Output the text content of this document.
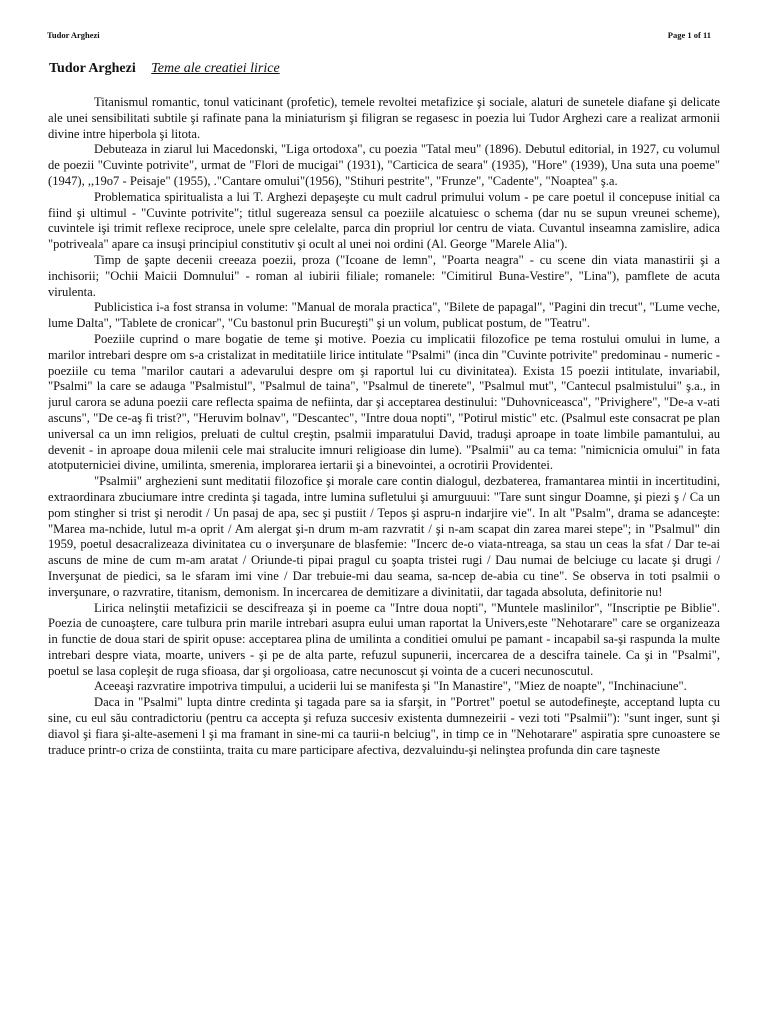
Tudor Arghezi	Page 1 of 11
Tudor Arghezi Teme ale creatiei lirice

Titanismul romantic, tonul vaticinant (profetic), temele revoltei metafizice şi sociale, alaturi de sunetele diafane şi delicate ale unei sensibilitati subtile şi rafinate pana la miniaturism şi filigran se regasesc in poezia lui Tudor Arghezi care a realizat armonii divine intre hiperbola şi litota.

Debuteaza in ziarul lui Macedonski, "Liga ortodoxa", cu poezia "Tatal meu" (1896). Debutul editorial, in 1927, cu volumul de poezii "Cuvinte potrivite", urmat de "Flori de mucigai" (1931), "Carticica de seara" (1935), "Hore" (1939), Una suta una poeme" (1947), ,,19o7 - Peisaje" (1955), ."Cantare omului"(1956), "Stihuri pestrite", "Frunze", "Cadente", "Noaptea" ş.a.

Problematica spiritualista a lui T. Arghezi depaşeşte cu mult cadrul primului volum - pe care poetul il concepuse initial ca fiind şi ultimul - "Cuvinte potrivite"; titlul sugereaza sensul ca poeziile alcatuiesc o schema (dar nu se supun vreunei scheme), cuvintele işi trimit reflexe reciproce, unele spre celelalte, parca din propriul lor centru de viata. Cuvantul inseamna zamislire, adica "potriveala" apare ca insuşi principiul constitutiv şi ocult al unei noi ordini (Al. George "Marele Alia").

Timp de şapte decenii creeaza poezii, proza ("Icoane de lemn", "Poarta neagra" - cu scene din viata manastirii şi a inchisorii; "Ochii Maicii Domnului" - roman al iubirii filiale; romanele: "Cimitirul Buna-Vestire", "Lina"), pamflete de acuta virulenta.

Publicistica i-a fost stransa in volume: "Manual de morala practica", "Bilete de papagal", "Pagini din trecut", "Lume veche, lume Dalta", "Tablete de cronicar", "Cu bastonul prin Bucureşti" şi un volum, publicat postum, de "Teatru".

Poeziile cuprind o mare bogatie de teme şi motive. Poezia cu implicatii filozofice pe tema rostului omului in lume, a marilor intrebari despre om s-a cristalizat in meditatiile lirice intitulate "Psalmi" (inca din "Cuvinte potrivite" predominau - numeric - poeziile cu tema "marilor cautari a adevarului despre om şi raportul lui cu divinitatea). Exista 15 poezii intitulate, invariabil, "Psalmi" la care se adauga "Psalmistul", "Psalmul de taina", "Psalmul de tinerete", "Psalmul mut", "Cantecul psalmistului" ş.a., in jurul carora se aduna poezii care reflecta spaima de nefiinta, dar şi acceptarea destinului: "Duhovniceasca", "Privighere", "De-a v-ati ascuns", "De ce-aş fi trist?", "Heruvim bolnav", "Descantec", "Intre doua nopti", "Potirul mistic" etc. (Psalmul este consacrat pe plan universal ca un imn religios, preluati de cultul creştin, psalmii imparatului David, traduşi aproape in toate limbile pamantului, au devenit - in aproape doua milenii cele mai stralucite imnuri religioase din lume). "Psalmii" au ca tema: "nimicnicia omului" in fata atotputerniciei divine, umilinta, smerenia, implorarea iertarii şi a binevointei, a ocrotirii Providentei.

"Psalmii" arghezieni sunt meditatii filozofice şi morale care contin dialogul, dezbaterea, framantarea mintii in incertitudini, extraordinara zbuciumare intre credinta şi tagada, intre lumina sufletului şi amurguuui: "Tare sunt singur Doamne, şi piezi ş / Ca un pom stingher si trist şi nerodit / Un pasaj de apa, sec şi pustiit / Tepos şi aspru-n indarjire vie". In alt "Psalm", drama se adanceşte: "Marea ma-nchide, lutul m-a oprit / Am alergat şi-n drum m-am razvratit / şi n-am scapat din zarea marei stepe"; in "Psalmul" din 1959, poetul desacralizeaza divinitatea cu o inverşunare de blasfemie: "Incerc de-o viata-ntreaga, sa stau un ceas la sfat / Dar te-ai ascuns de mine de cum m-am aratat / Oriunde-ti pipai pragul cu şoapta tristei rugi / Dau numai de belciuge cu lacate şi drugi / Inverşunat de piedici, sa le sfaram imi vine / Dar trebuie-mi dau seama, sa-ncep de-abia cu tine". Se observa in toti psalmii o inverşunare, o razvratire, titanism, demonism. In incercarea de demitizare a divinitatii, dar tagada absoluta, definitorie nu!

Lirica nelinştii metafizicii se descifreaza şi in poeme ca "Intre doua nopti", "Muntele maslinilor", "Inscriptie pe Biblie". Poezia de cunoaştere, care tulbura prin marile intrebari asupra eului uman raportat la Univers,este "Nehotarare" care se organizeaza in functie de doua stari de spirit opuse: acceptarea plina de umilinta a conditiei omului pe pamant - incapabil sa-şi raspunda la multe intrebari despre viata, moarte, univers - şi pe de alta parte, refuzul supunerii, incercarea de a descifra tainele. Ca şi in "Psalmi", poetul se lasa copleşit de ruga sfioasa, dar şi orgolioasa, catre necunoscut şi vointa de a cuceri necunoscutul.

Aceeaşi razvratire impotriva timpului, a uciderii lui se manifesta şi "In Manastire", "Miez de noapte", "Inchinaciune".

Daca in "Psalmi" lupta dintre credinta şi tagada pare sa ia sfarşit, in "Portret" poetul se autodefineşte, acceptand lupta cu sine, cu eul său contradictoriu (pentru ca accepta şi refuza succesiv existenta dumnezeirii - vezi toti "Psalmii"): "sunt inger, sunt şi diavol şi fiara şi-alte-asemeni l şi ma framant in sine-mi ca taurii-n belciug", in timp ce in "Nehotarare" aspiratia spre cunoastere se traduce printr-o criza de constiinta, traita cu mare participare afectiva, dezvaluindu-şi nelinştea profunda din care taşneste
